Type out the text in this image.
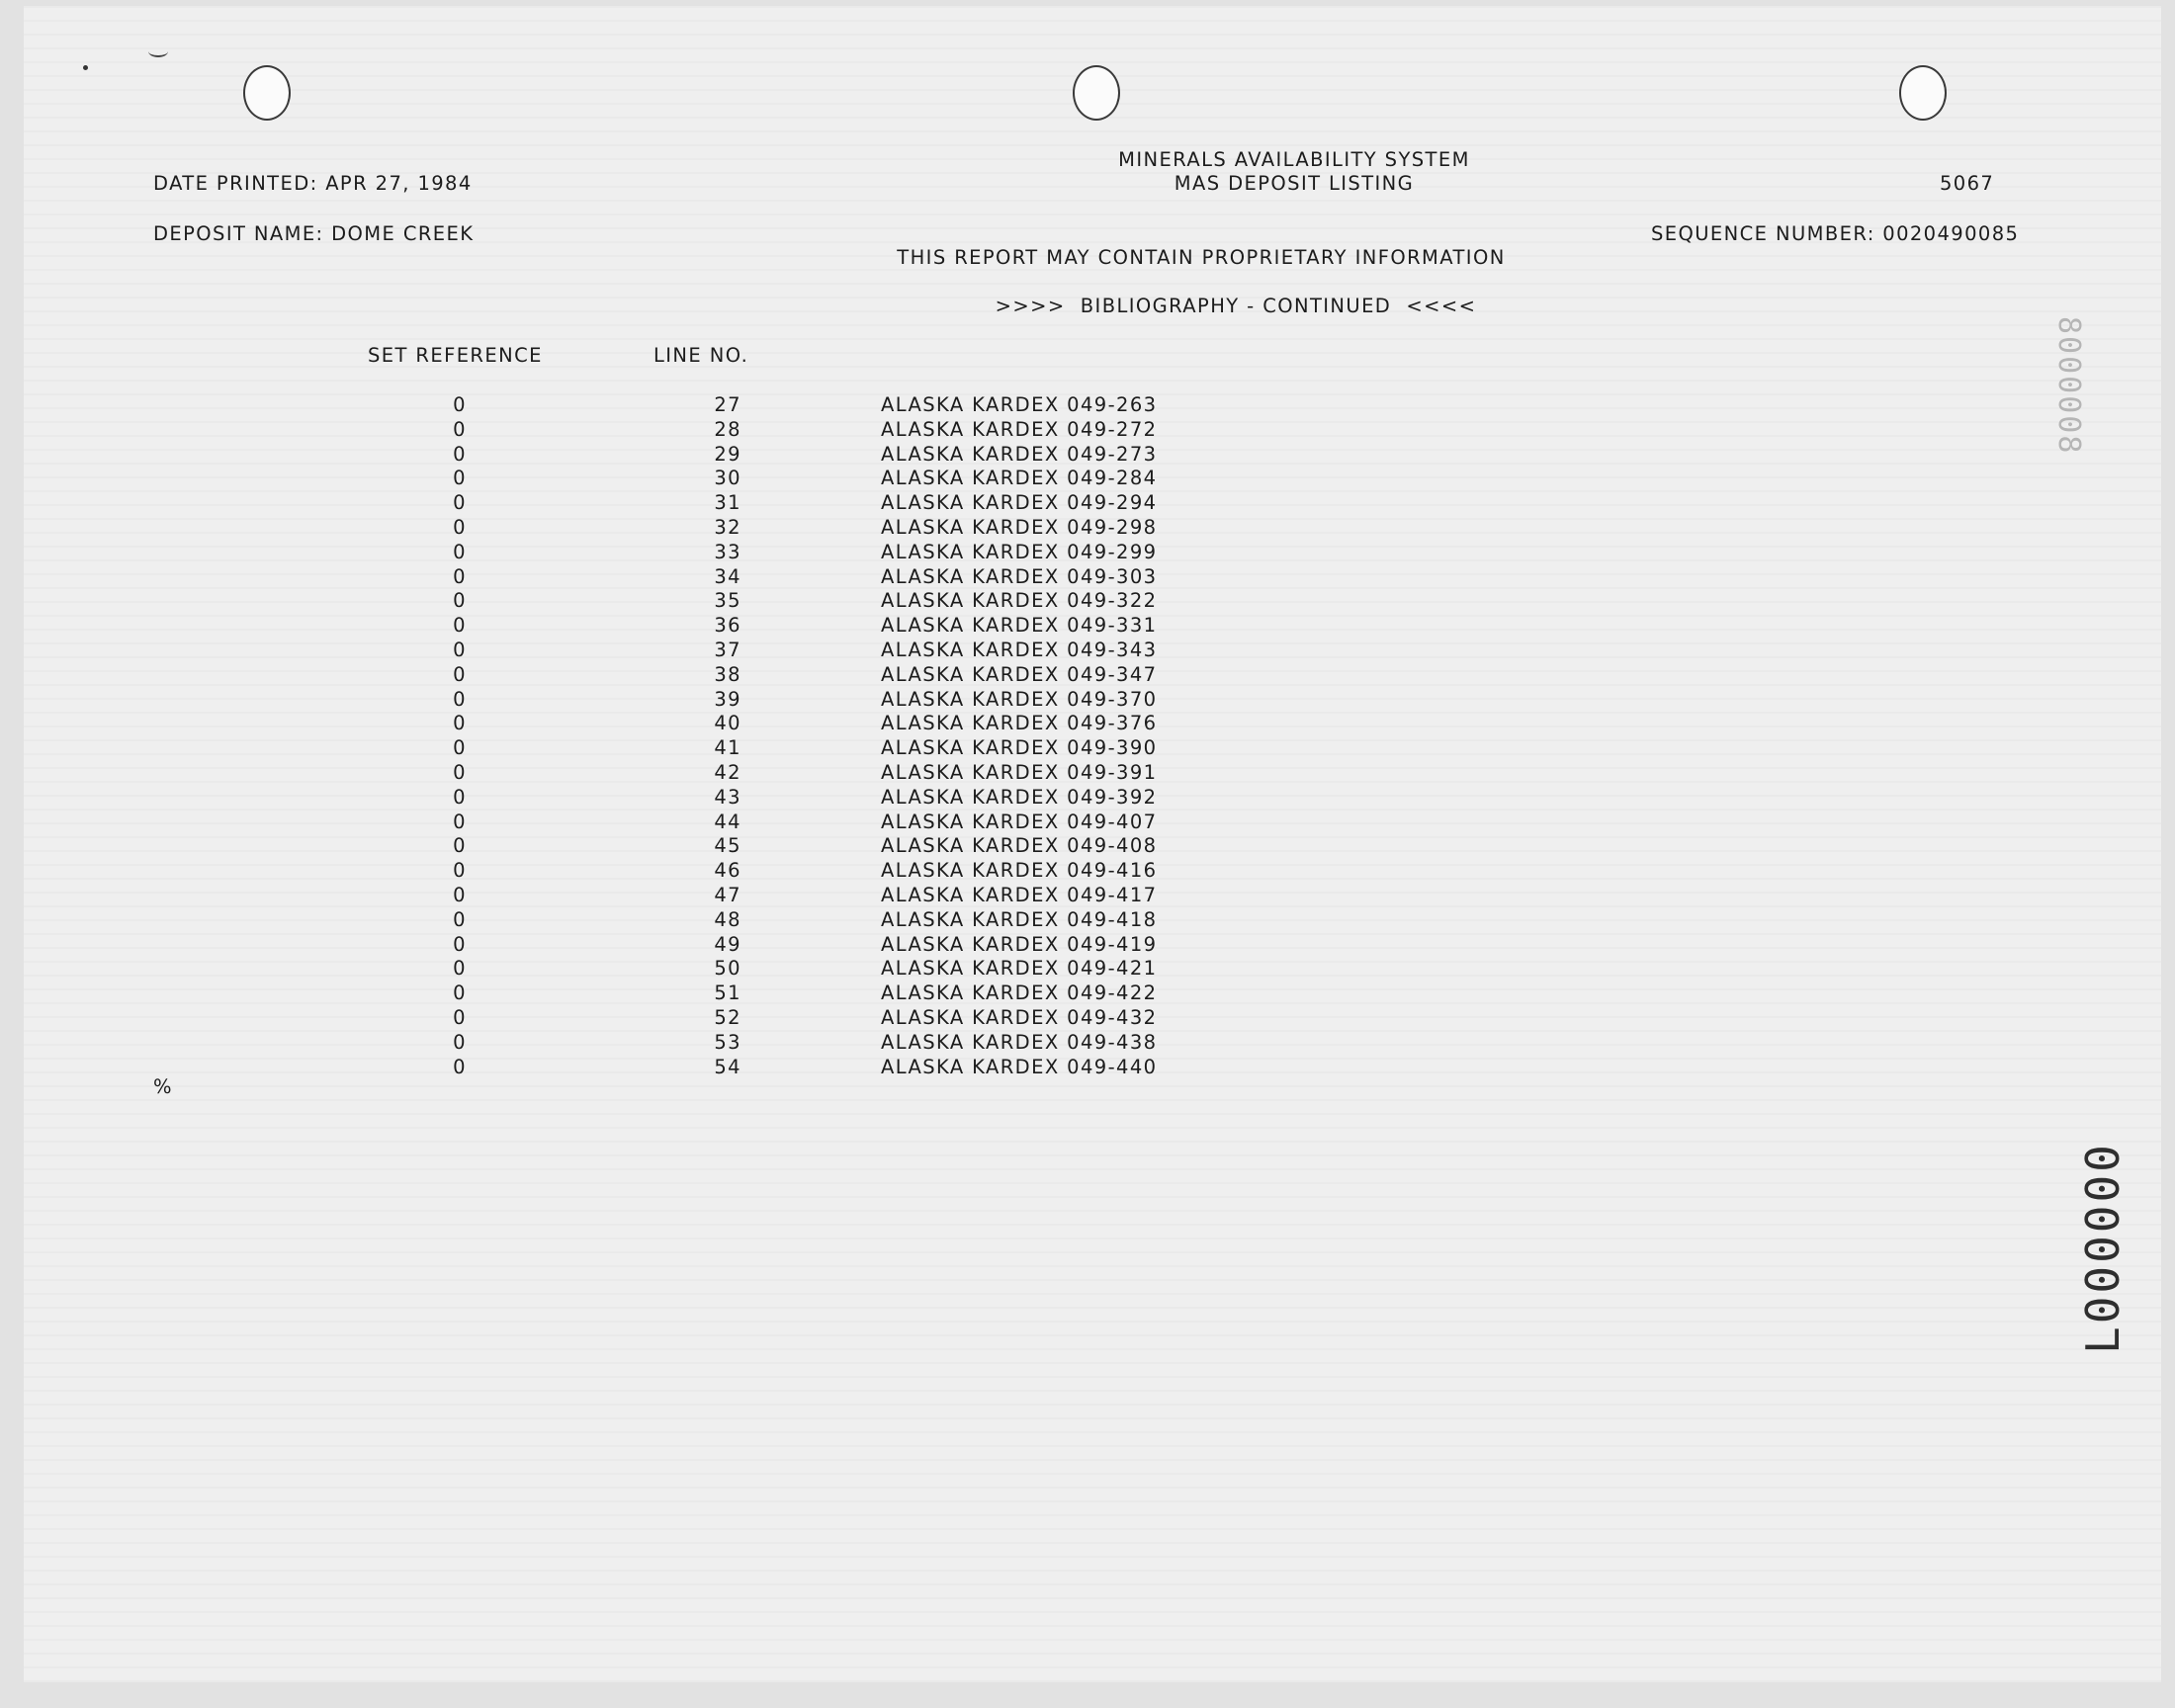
MINERALS AVAILABILITY SYSTEM
MAS DEPOSIT LISTING
DATE PRINTED: APR 27, 1984	5067
DEPOSIT NAME: DOME CREEK	SEQUENCE NUMBER: 0020490085
THIS REPORT MAY CONTAIN PROPRIETARY INFORMATION
>>>>  BIBLIOGRAPHY - CONTINUED  <<<<
SET REFERENCE	LINE NO.
0	27	ALASKA KARDEX 049-263
0	28	ALASKA KARDEX 049-272
0	29	ALASKA KARDEX 049-273
0	30	ALASKA KARDEX 049-284
0	31	ALASKA KARDEX 049-294
0	32	ALASKA KARDEX 049-298
0	33	ALASKA KARDEX 049-299
0	34	ALASKA KARDEX 049-303
0	35	ALASKA KARDEX 049-322
0	36	ALASKA KARDEX 049-331
0	37	ALASKA KARDEX 049-343
0	38	ALASKA KARDEX 049-347
0	39	ALASKA KARDEX 049-370
0	40	ALASKA KARDEX 049-376
0	41	ALASKA KARDEX 049-390
0	42	ALASKA KARDEX 049-391
0	43	ALASKA KARDEX 049-392
0	44	ALASKA KARDEX 049-407
0	45	ALASKA KARDEX 049-408
0	46	ALASKA KARDEX 049-416
0	47	ALASKA KARDEX 049-417
0	48	ALASKA KARDEX 049-418
0	49	ALASKA KARDEX 049-419
0	50	ALASKA KARDEX 049-421
0	51	ALASKA KARDEX 049-422
0	52	ALASKA KARDEX 049-432
0	53	ALASKA KARDEX 049-438
0	54	ALASKA KARDEX 049-440
%
8000008
L000000
